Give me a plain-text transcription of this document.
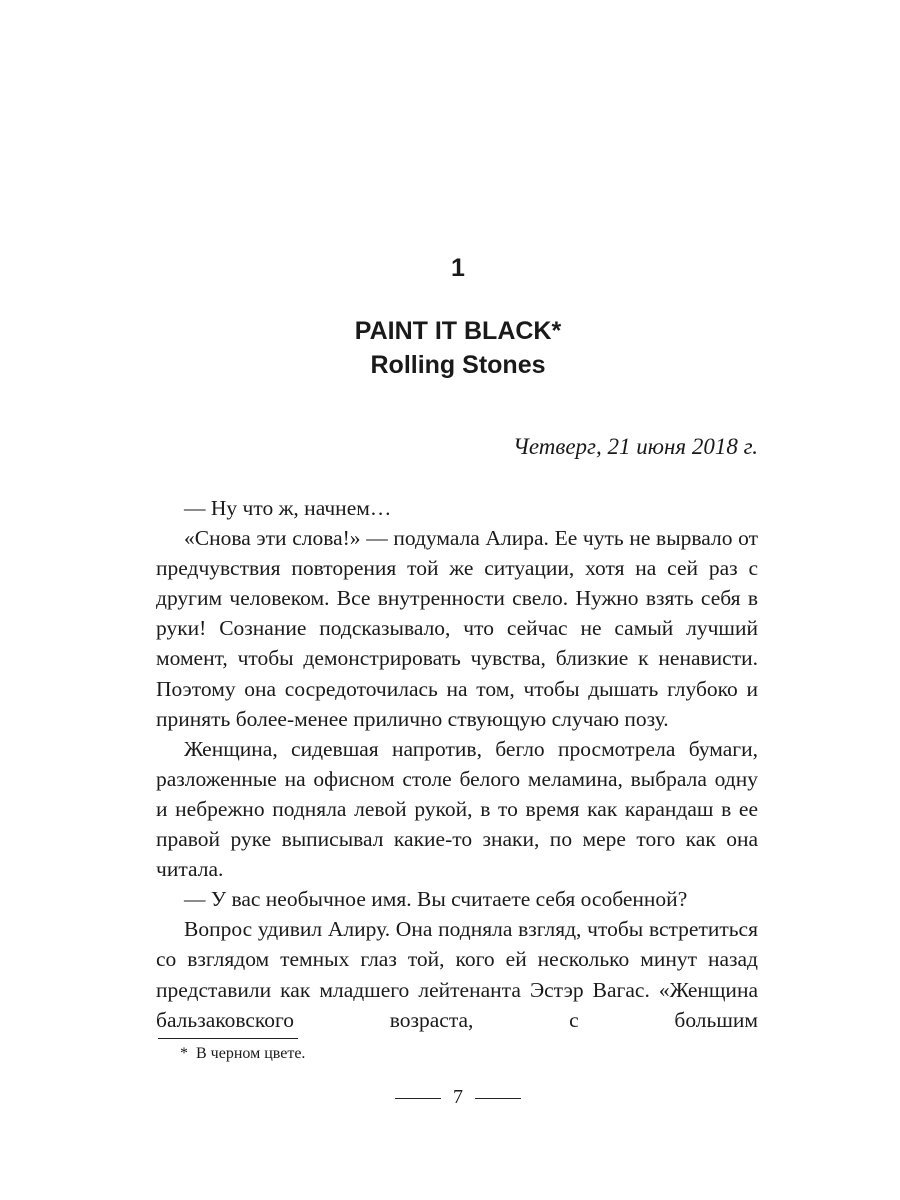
1
PAINT IT BLACK*
Rolling Stones
Четверг, 21 июня 2018 г.

— Ну что ж, начнем…

«Снова эти слова!» — подумала Алира. Ее чуть не вырвало от предчувствия повторения той же ситуации, хотя на сей раз с другим человеком. Все внутренности свело. Нужно взять себя в руки! Сознание подсказывало, что сейчас не самый лучший момент, чтобы демонстрировать чувства, близкие к ненависти. Поэтому она сосредоточилась на том, чтобы дышать глубоко и принять более-менее прилично ствующую случаю позу.

Женщина, сидевшая напротив, бегло просмотрела бумаги, разложенные на офисном столе белого меламина, выбрала одну и небрежно подняла левой рукой, в то время как карандаш в ее правой руке выписывал какие-то знаки, по мере того как она читала.

— У вас необычное имя. Вы считаете себя особенной?

Вопрос удивил Алиру. Она подняла взгляд, чтобы встретиться со взглядом темных глаз той, кого ей несколько минут назад представили как младшего лейтенанта Эстэр Вагас. «Женщина бальзаковского возраста, с большим

* В черном цвете.
7
